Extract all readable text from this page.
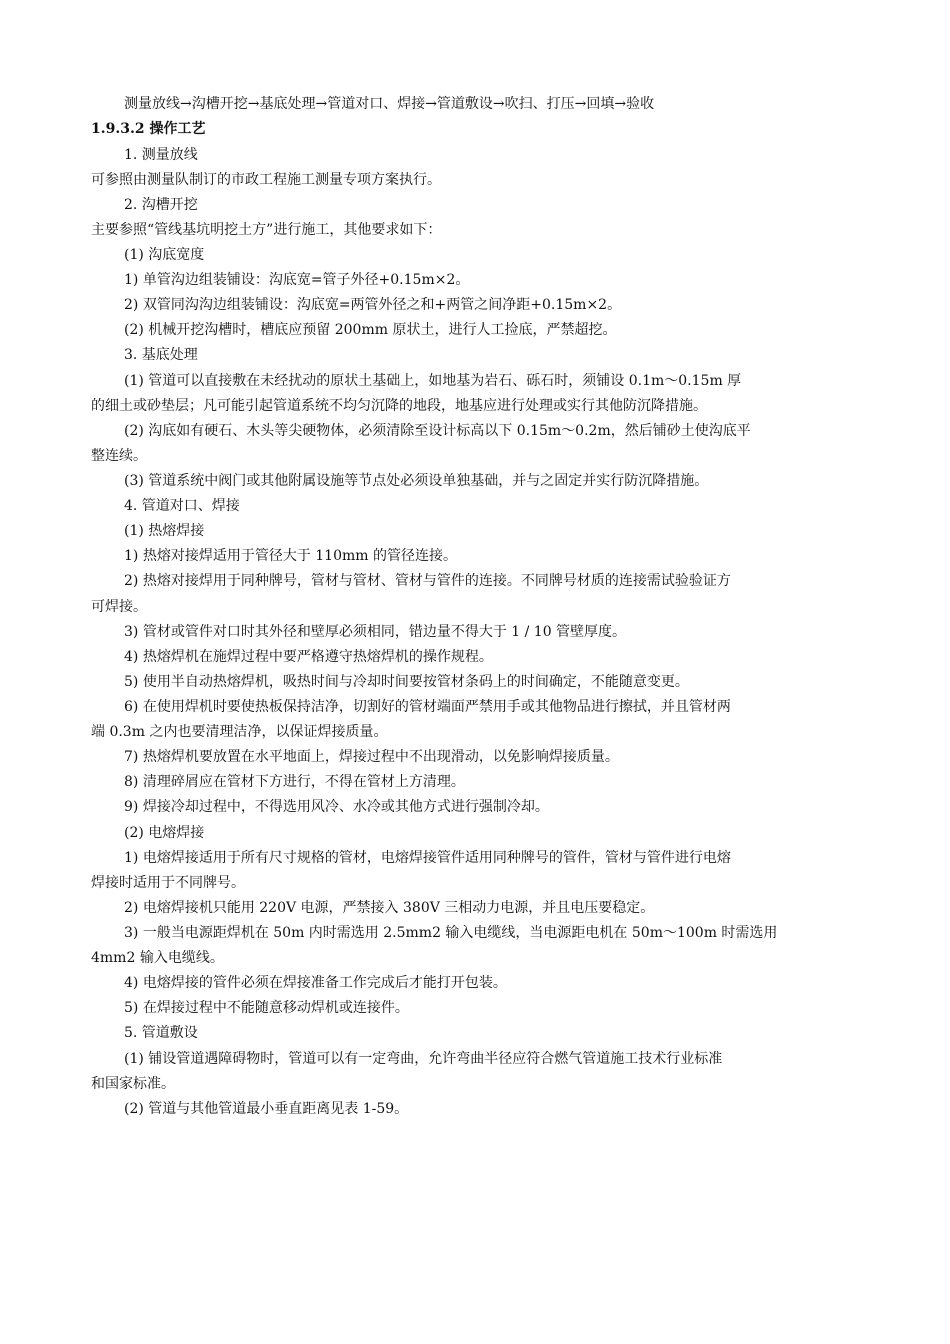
测量放线→沟槽开挖→基底处理→管道对口、焊接→管道敷设→吹扫、打压→回填→验收
1.9.3.2 操作工艺
1. 测量放线
可参照由测量队制订的市政工程施工测量专项方案执行。
2. 沟槽开挖
主要参照“管线基坑明挖土方”进行施工，其他要求如下：
(1) 沟底宽度
1) 单管沟边组装铺设：沟底宽=管子外径+0.15m×2。
2) 双管同沟沟边组装铺设：沟底宽=两管外径之和+两管之间净距+0.15m×2。
(2) 机械开挖沟槽时，槽底应预留 200mm 原状土，进行人工捡底，严禁超挖。
3. 基底处理
(1) 管道可以直接敷在未经扰动的原状土基础上，如地基为岩石、砾石时，须铺设 0.1m～0.15m 厚
的细土或砂垫层；凡可能引起管道系统不均匀沉降的地段，地基应进行处理或实行其他防沉降措施。
(2) 沟底如有硬石、木头等尖硬物体，必须清除至设计标高以下 0.15m～0.2m，然后铺砂土使沟底平
整连续。
(3) 管道系统中阀门或其他附属设施等节点处必须设单独基础，并与之固定并实行防沉降措施。
4. 管道对口、焊接
(1) 热熔焊接
1) 热熔对接焊适用于管径大于 110mm 的管径连接。
2) 热熔对接焊用于同种牌号，管材与管材、管材与管件的连接。不同牌号材质的连接需试验验证方
可焊接。
3) 管材或管件对口时其外径和壁厚必须相同，错边量不得大于 1 / 10 管壁厚度。
4) 热熔焊机在施焊过程中要严格遵守热熔焊机的操作规程。
5) 使用半自动热熔焊机，吸热时间与冷却时间要按管材条码上的时间确定，不能随意变更。
6) 在使用焊机时要使热板保持洁净，切割好的管材端面严禁用手或其他物品进行擦拭，并且管材两
端 0.3m 之内也要清理洁净，以保证焊接质量。
7) 热熔焊机要放置在水平地面上，焊接过程中不出现滑动，以免影响焊接质量。
8) 清理碎屑应在管材下方进行，不得在管材上方清理。
9) 焊接冷却过程中，不得选用风冷、水冷或其他方式进行强制冷却。
(2) 电熔焊接
1) 电熔焊接适用于所有尺寸规格的管材，电熔焊接管件适用同种牌号的管件，管材与管件进行电熔
焊接时适用于不同牌号。
2) 电熔焊接机只能用 220V 电源，严禁接入 380V 三相动力电源，并且电压要稳定。
3) 一般当电源距焊机在 50m 内时需选用 2.5mm2 输入电缆线，当电源距电机在 50m～100m 时需选用
4mm2 输入电缆线。
4) 电熔焊接的管件必须在焊接准备工作完成后才能打开包装。
5) 在焊接过程中不能随意移动焊机或连接件。
5. 管道敷设
(1) 铺设管道遇障碍物时，管道可以有一定弯曲，允许弯曲半径应符合燃气管道施工技术行业标准
和国家标准。
(2) 管道与其他管道最小垂直距离见表 1-59。
